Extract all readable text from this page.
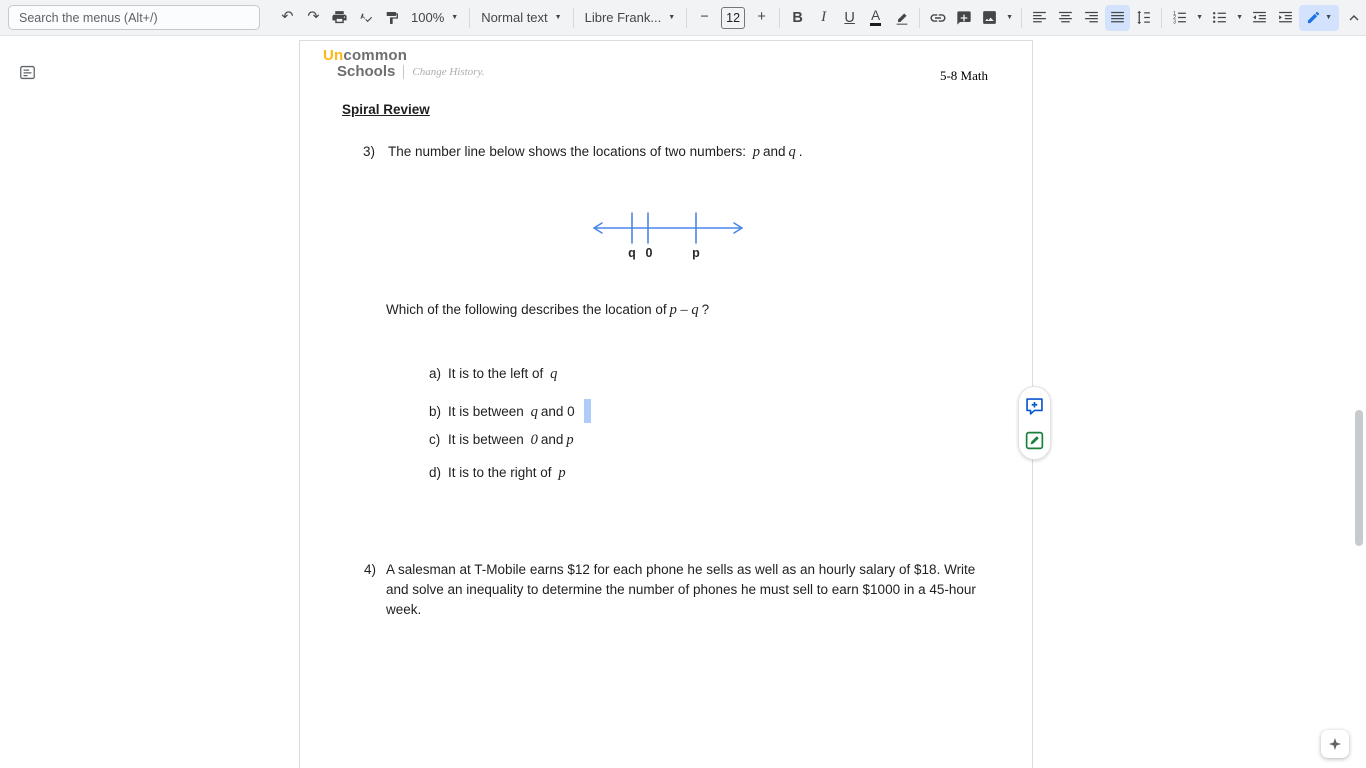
Search the menus (Alt+/)
↶ ↷	100% ▼ Normal text ▼ Libre Frank... ▼ − 12 + B I U A	▼
1
2
3
▼	▼	▼
Uncommon
Schools Change History.	5-8 Math
Spiral Review
3) The number line below shows the locations of two numbers: p and q .
q 0	p
Which of the following describes the location of p – q ?
a) It is to the left of q
b) It is between q and 0
c) It is between 0 and p
d) It is to the right of p
4) A salesman at T-Mobile earns $12 for each phone he sells as well as an hourly salary of $18. Write and solve an inequality to determine the number of phones he must sell to earn $1000 in a 45-hour week.
